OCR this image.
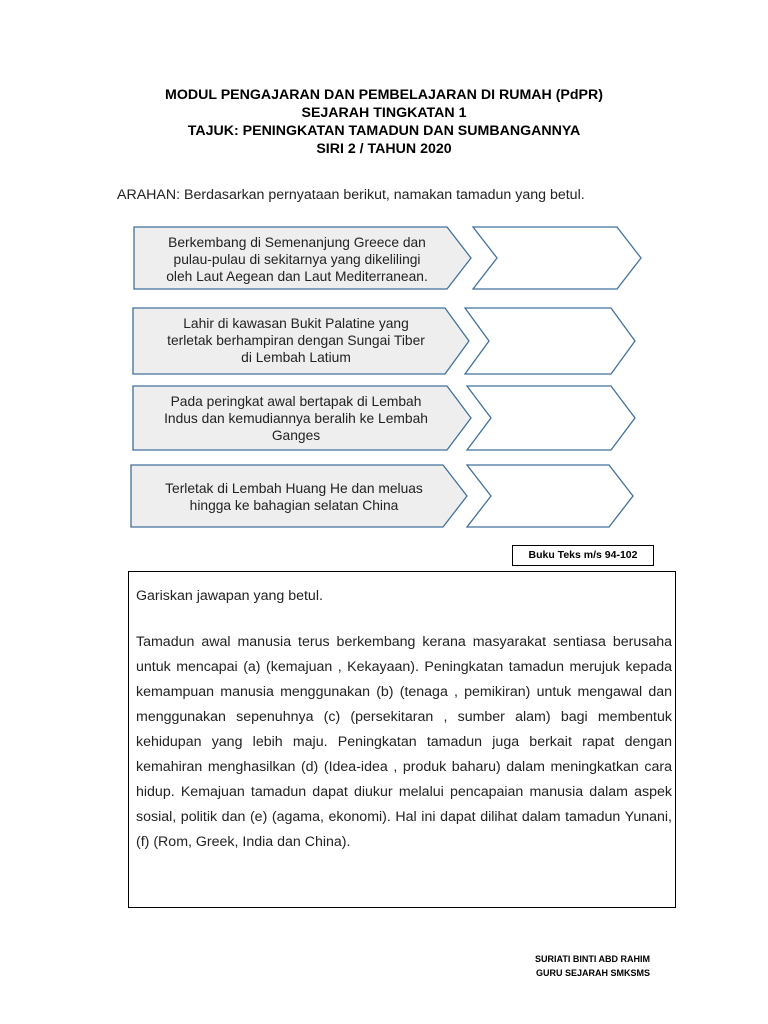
MODUL PENGAJARAN DAN PEMBELAJARAN DI RUMAH (PdPR)
SEJARAH TINGKATAN 1
TAJUK: PENINGKATAN TAMADUN DAN SUMBANGANNYA
SIRI 2 / TAHUN 2020
ARAHAN: Berdasarkan pernyataan berikut, namakan tamadun yang betul.
Berkembang di Semenanjung Greece dan
pulau-pulau di sekitarnya yang dikelilingi
oleh Laut Aegean dan Laut Mediterranean.
Lahir di kawasan Bukit Palatine yang
terletak berhampiran dengan Sungai Tiber
di Lembah Latium
Pada peringkat awal bertapak di Lembah
Indus dan kemudiannya beralih ke Lembah
Ganges
Terletak di Lembah Huang He dan meluas
hingga ke bahagian selatan China
Buku Teks m/s 94-102
Gariskan jawapan yang betul.
Tamadun awal manusia terus berkembang kerana masyarakat sentiasa berusaha untuk mencapai (a) (kemajuan , Kekayaan). Peningkatan tamadun merujuk kepada kemampuan manusia menggunakan (b) (tenaga , pemikiran) untuk mengawal dan menggunakan sepenuhnya (c) (persekitaran , sumber alam) bagi membentuk kehidupan yang lebih maju. Peningkatan tamadun juga berkait rapat dengan kemahiran menghasilkan (d) (Idea-idea , produk baharu) dalam meningkatkan cara hidup. Kemajuan tamadun dapat diukur melalui pencapaian manusia dalam aspek sosial, politik dan (e) (agama, ekonomi). Hal ini dapat dilihat dalam tamadun Yunani, (f) (Rom, Greek, India dan China).
SURIATI BINTI ABD RAHIM
GURU SEJARAH SMKSMS
